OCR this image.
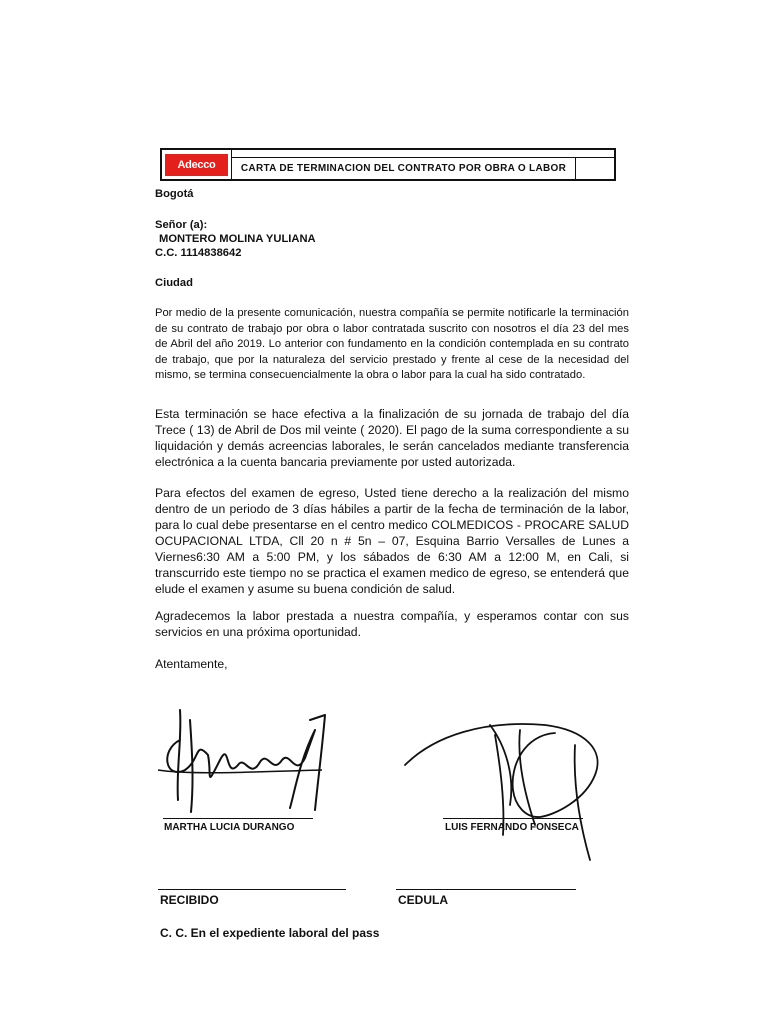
Adecco	CARTA DE TERMINACION DEL CONTRATO POR OBRA O LABOR
Bogotá
Señor (a):
MONTERO MOLINA YULIANA
C.C. 1114838642
Ciudad
Por medio de la presente comunicación, nuestra compañía se permite notificarle la terminación de su contrato de trabajo por obra o labor contratada suscrito con nosotros el día 23 del mes de Abril del año 2019. Lo anterior con fundamento en la condición contemplada en su contrato de trabajo, que por la naturaleza del servicio prestado y frente al cese de la necesidad del mismo, se termina consecuencialmente la obra o labor para la cual ha sido contratado.
Esta terminación se hace efectiva a la finalización de su jornada de trabajo del día Trece ( 13) de Abril de Dos mil veinte ( 2020). El pago de la suma correspondiente a su liquidación y demás acreencias laborales, le serán cancelados mediante transferencia electrónica a la cuenta bancaria previamente por usted autorizada.
Para efectos del examen de egreso, Usted tiene derecho a la realización del mismo dentro de un periodo de 3 días hábiles a partir de la fecha de terminación de la labor, para lo cual debe presentarse en el centro medico COLMEDICOS - PROCARE SALUD OCUPACIONAL LTDA, Cll 20 n # 5n – 07, Esquina Barrio Versalles de Lunes a Viernes6:30 AM a 5:00 PM, y los sábados de 6:30 AM a 12:00 M, en Cali, si transcurrido este tiempo no se practica el examen medico de egreso, se entenderá que elude el examen y asume su buena condición de salud.
Agradecemos la labor prestada a nuestra compañía, y esperamos contar con sus servicios en una próxima oportunidad.
Atentamente,
MARTHA LUCIA DURANGO	LUIS FERNANDO FONSECA
RECIBIDO	CEDULA
C. C. En el expediente laboral del pass
